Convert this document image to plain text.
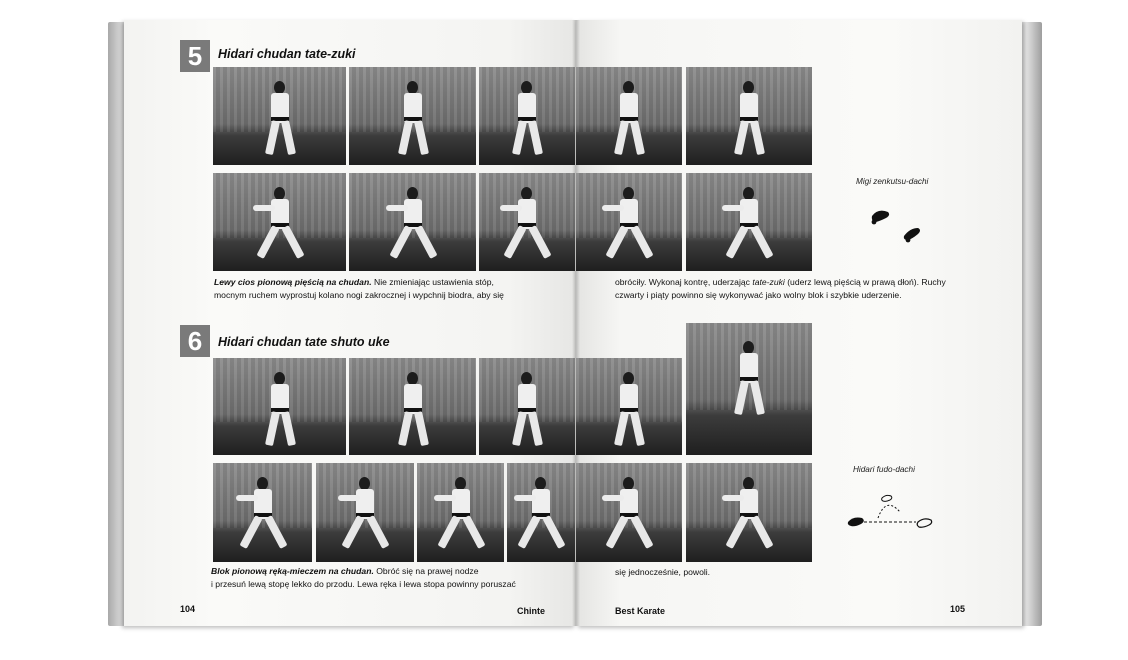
5	Hidari chudan tate-zuki
6	Hidari chudan tate shuto uke
Lewy cios pionową pięścią na chudan. Nie zmieniając ustawienia stóp,
mocnym ruchem wyprostuj kolano nogi zakrocznej i wypchnij biodra, aby się
Blok pionową ręką-mieczem na chudan. Obróć się na prawej nodze
i przesuń lewą stopę lekko do przodu. Lewa ręka i lewa stopa powinny poruszać
obróciły. Wykonaj kontrę, uderzając tate-zuki (uderz lewą pięścią w prawą dłoń). Ruchy
czwarty i piąty powinno się wykonywać jako wolny blok i szybkie uderzenie.
się jednocześnie, powoli.
Migi zenkutsu-dachi
Hidari fudo-dachi
104	Chinte	Best Karate	105
